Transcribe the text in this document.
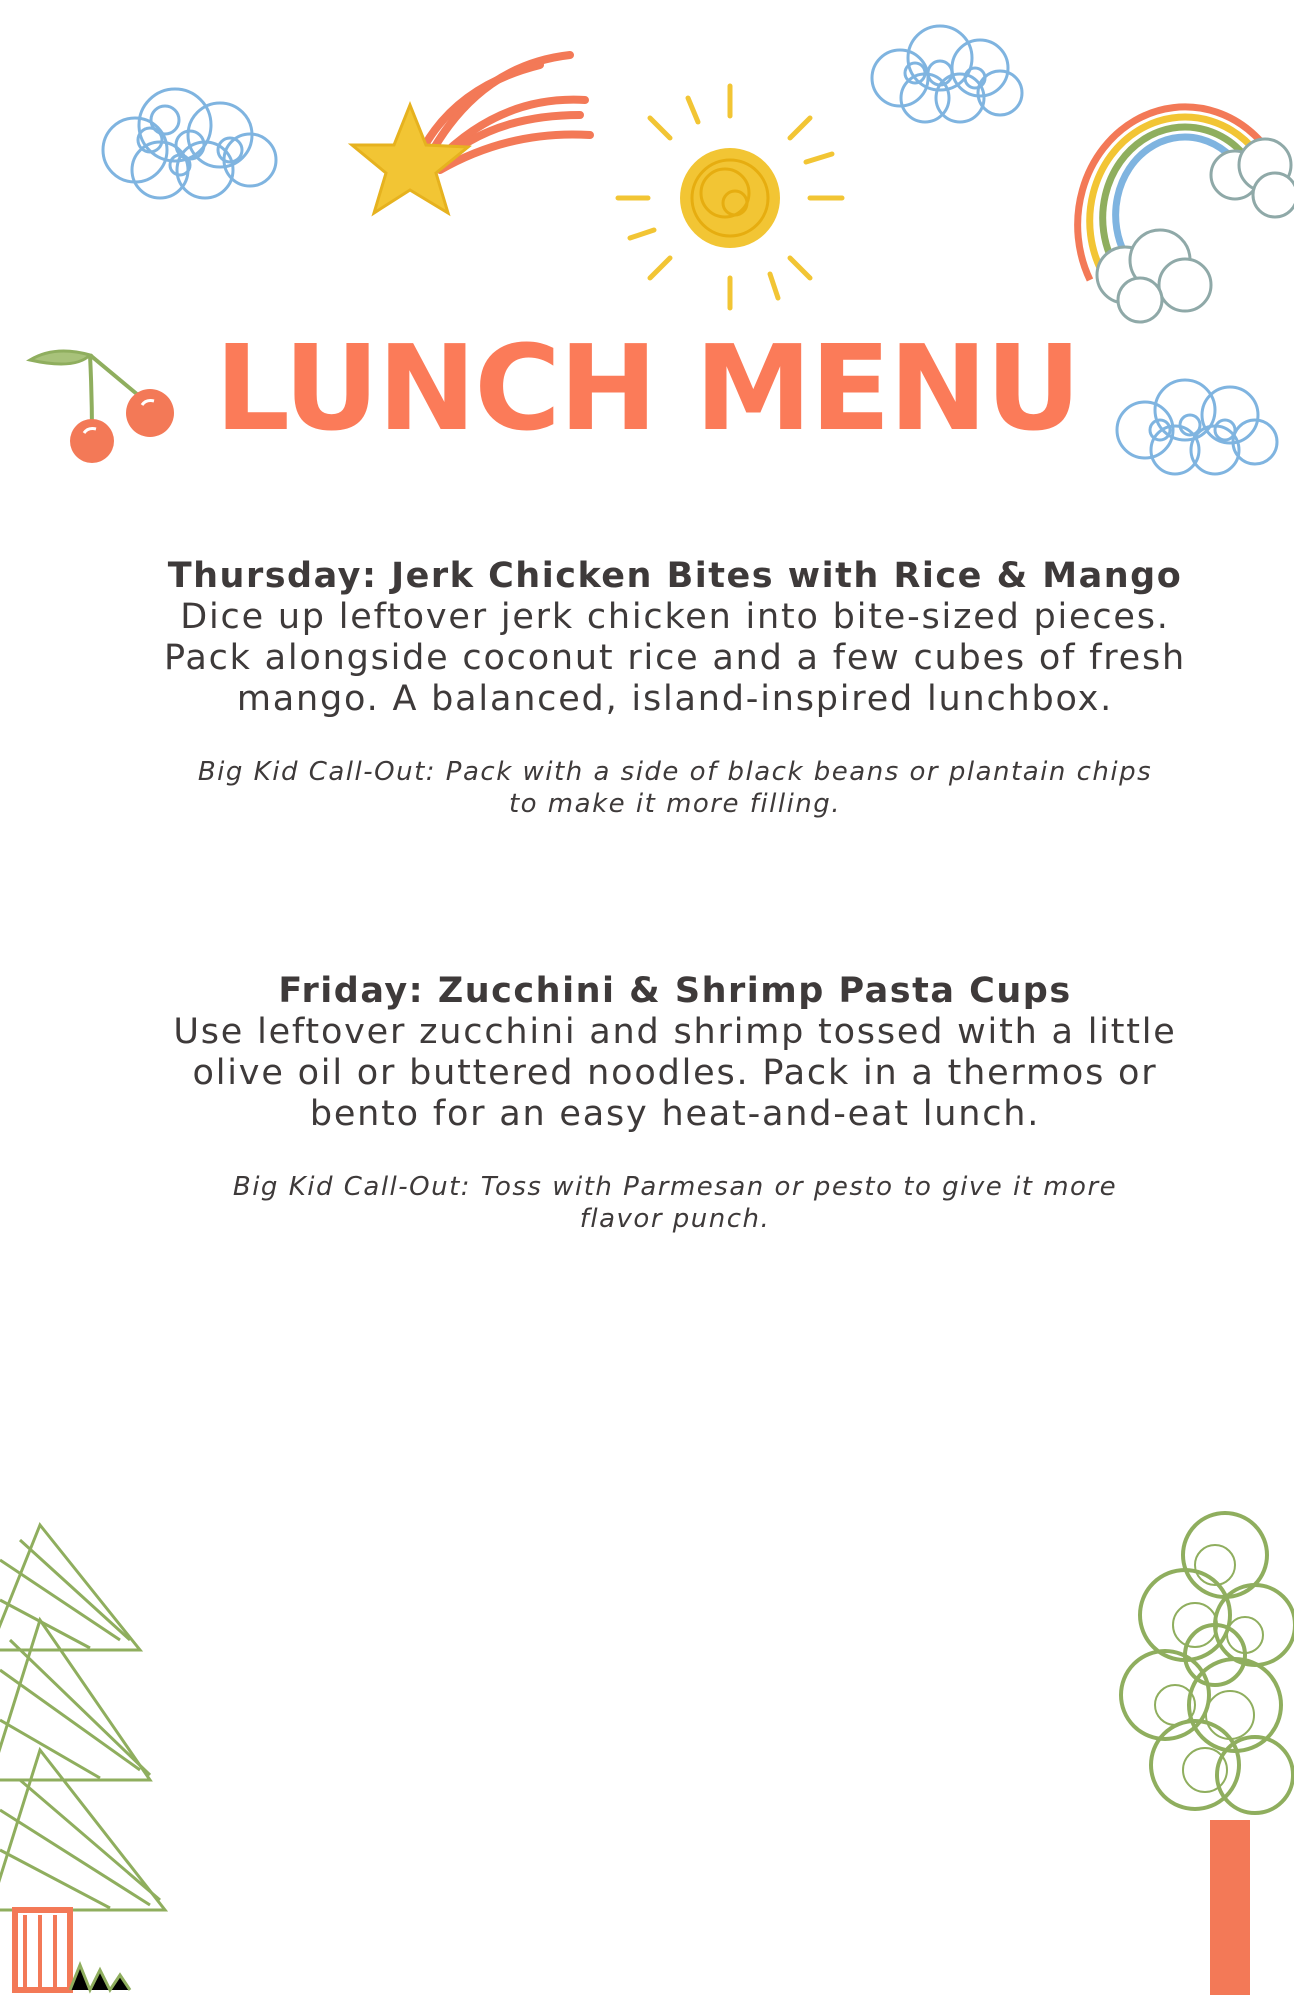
LUNCH MENU
Thursday: Jerk Chicken Bites with Rice & Mango

Dice up leftover jerk chicken into bite-sized pieces. Pack alongside coconut rice and a few cubes of fresh mango. A balanced, island-inspired lunchbox.

Big Kid Call-Out: Pack with a side of black beans or plantain chips to make it more filling.

Friday: Zucchini & Shrimp Pasta Cups

Use leftover zucchini and shrimp tossed with a little olive oil or buttered noodles. Pack in a thermos or bento for an easy heat-and-eat lunch.

Big Kid Call-Out: Toss with Parmesan or pesto to give it more flavor punch.
